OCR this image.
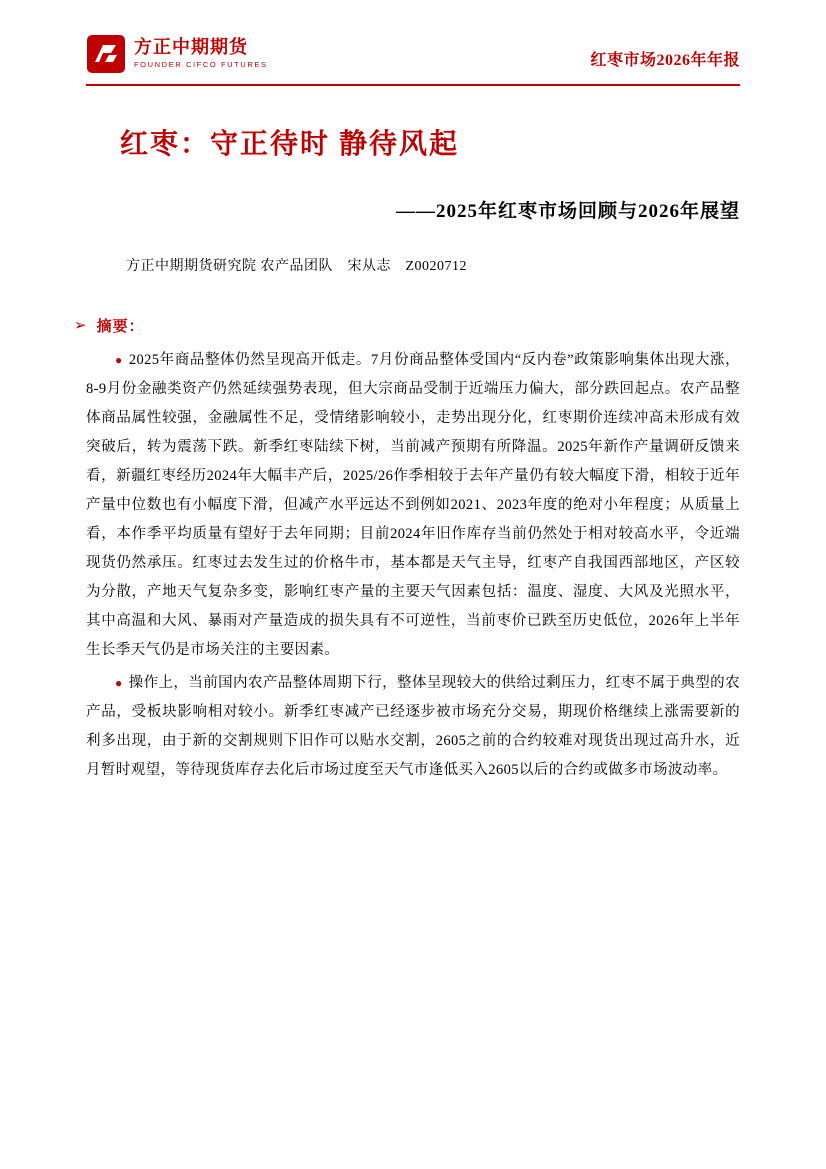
方正中期期货
FOUNDER CIFCO FUTURES	红枣市场2026年年报
红枣：守正待时 静待风起
——2025年红枣市场回顾与2026年展望
方正中期期货研究院 农产品团队　宋从志　Z0020712
➢ 摘要：

● 2025年商品整体仍然呈现高开低走。7月份商品整体受国内“反内卷”政策影响集体出现大涨，8-9月份金融类资产仍然延续强势表现，但大宗商品受制于近端压力偏大，部分跌回起点。农产品整体商品属性较强，金融属性不足，受情绪影响较小，走势出现分化，红枣期价连续冲高未形成有效突破后，转为震荡下跌。新季红枣陆续下树，当前减产预期有所降温。2025年新作产量调研反馈来看，新疆红枣经历2024年大幅丰产后，2025/26作季相较于去年产量仍有较大幅度下滑，相较于近年产量中位数也有小幅度下滑，但减产水平远达不到例如2021、2023年度的绝对小年程度；从质量上看，本作季平均质量有望好于去年同期；目前2024年旧作库存当前仍然处于相对较高水平，令近端现货仍然承压。红枣过去发生过的价格牛市，基本都是天气主导，红枣产自我国西部地区，产区较为分散，产地天气复杂多变，影响红枣产量的主要天气因素包括：温度、湿度、大风及光照水平，其中高温和大风、暴雨对产量造成的损失具有不可逆性，当前枣价已跌至历史低位，2026年上半年生长季天气仍是市场关注的主要因素。

● 操作上，当前国内农产品整体周期下行，整体呈现较大的供给过剩压力，红枣不属于典型的农产品，受板块影响相对较小。新季红枣减产已经逐步被市场充分交易，期现价格继续上涨需要新的利多出现，由于新的交割规则下旧作可以贴水交割，2605之前的合约较难对现货出现过高升水，近月暂时观望，等待现货库存去化后市场过度至天气市逢低买入2605以后的合约或做多市场波动率。
